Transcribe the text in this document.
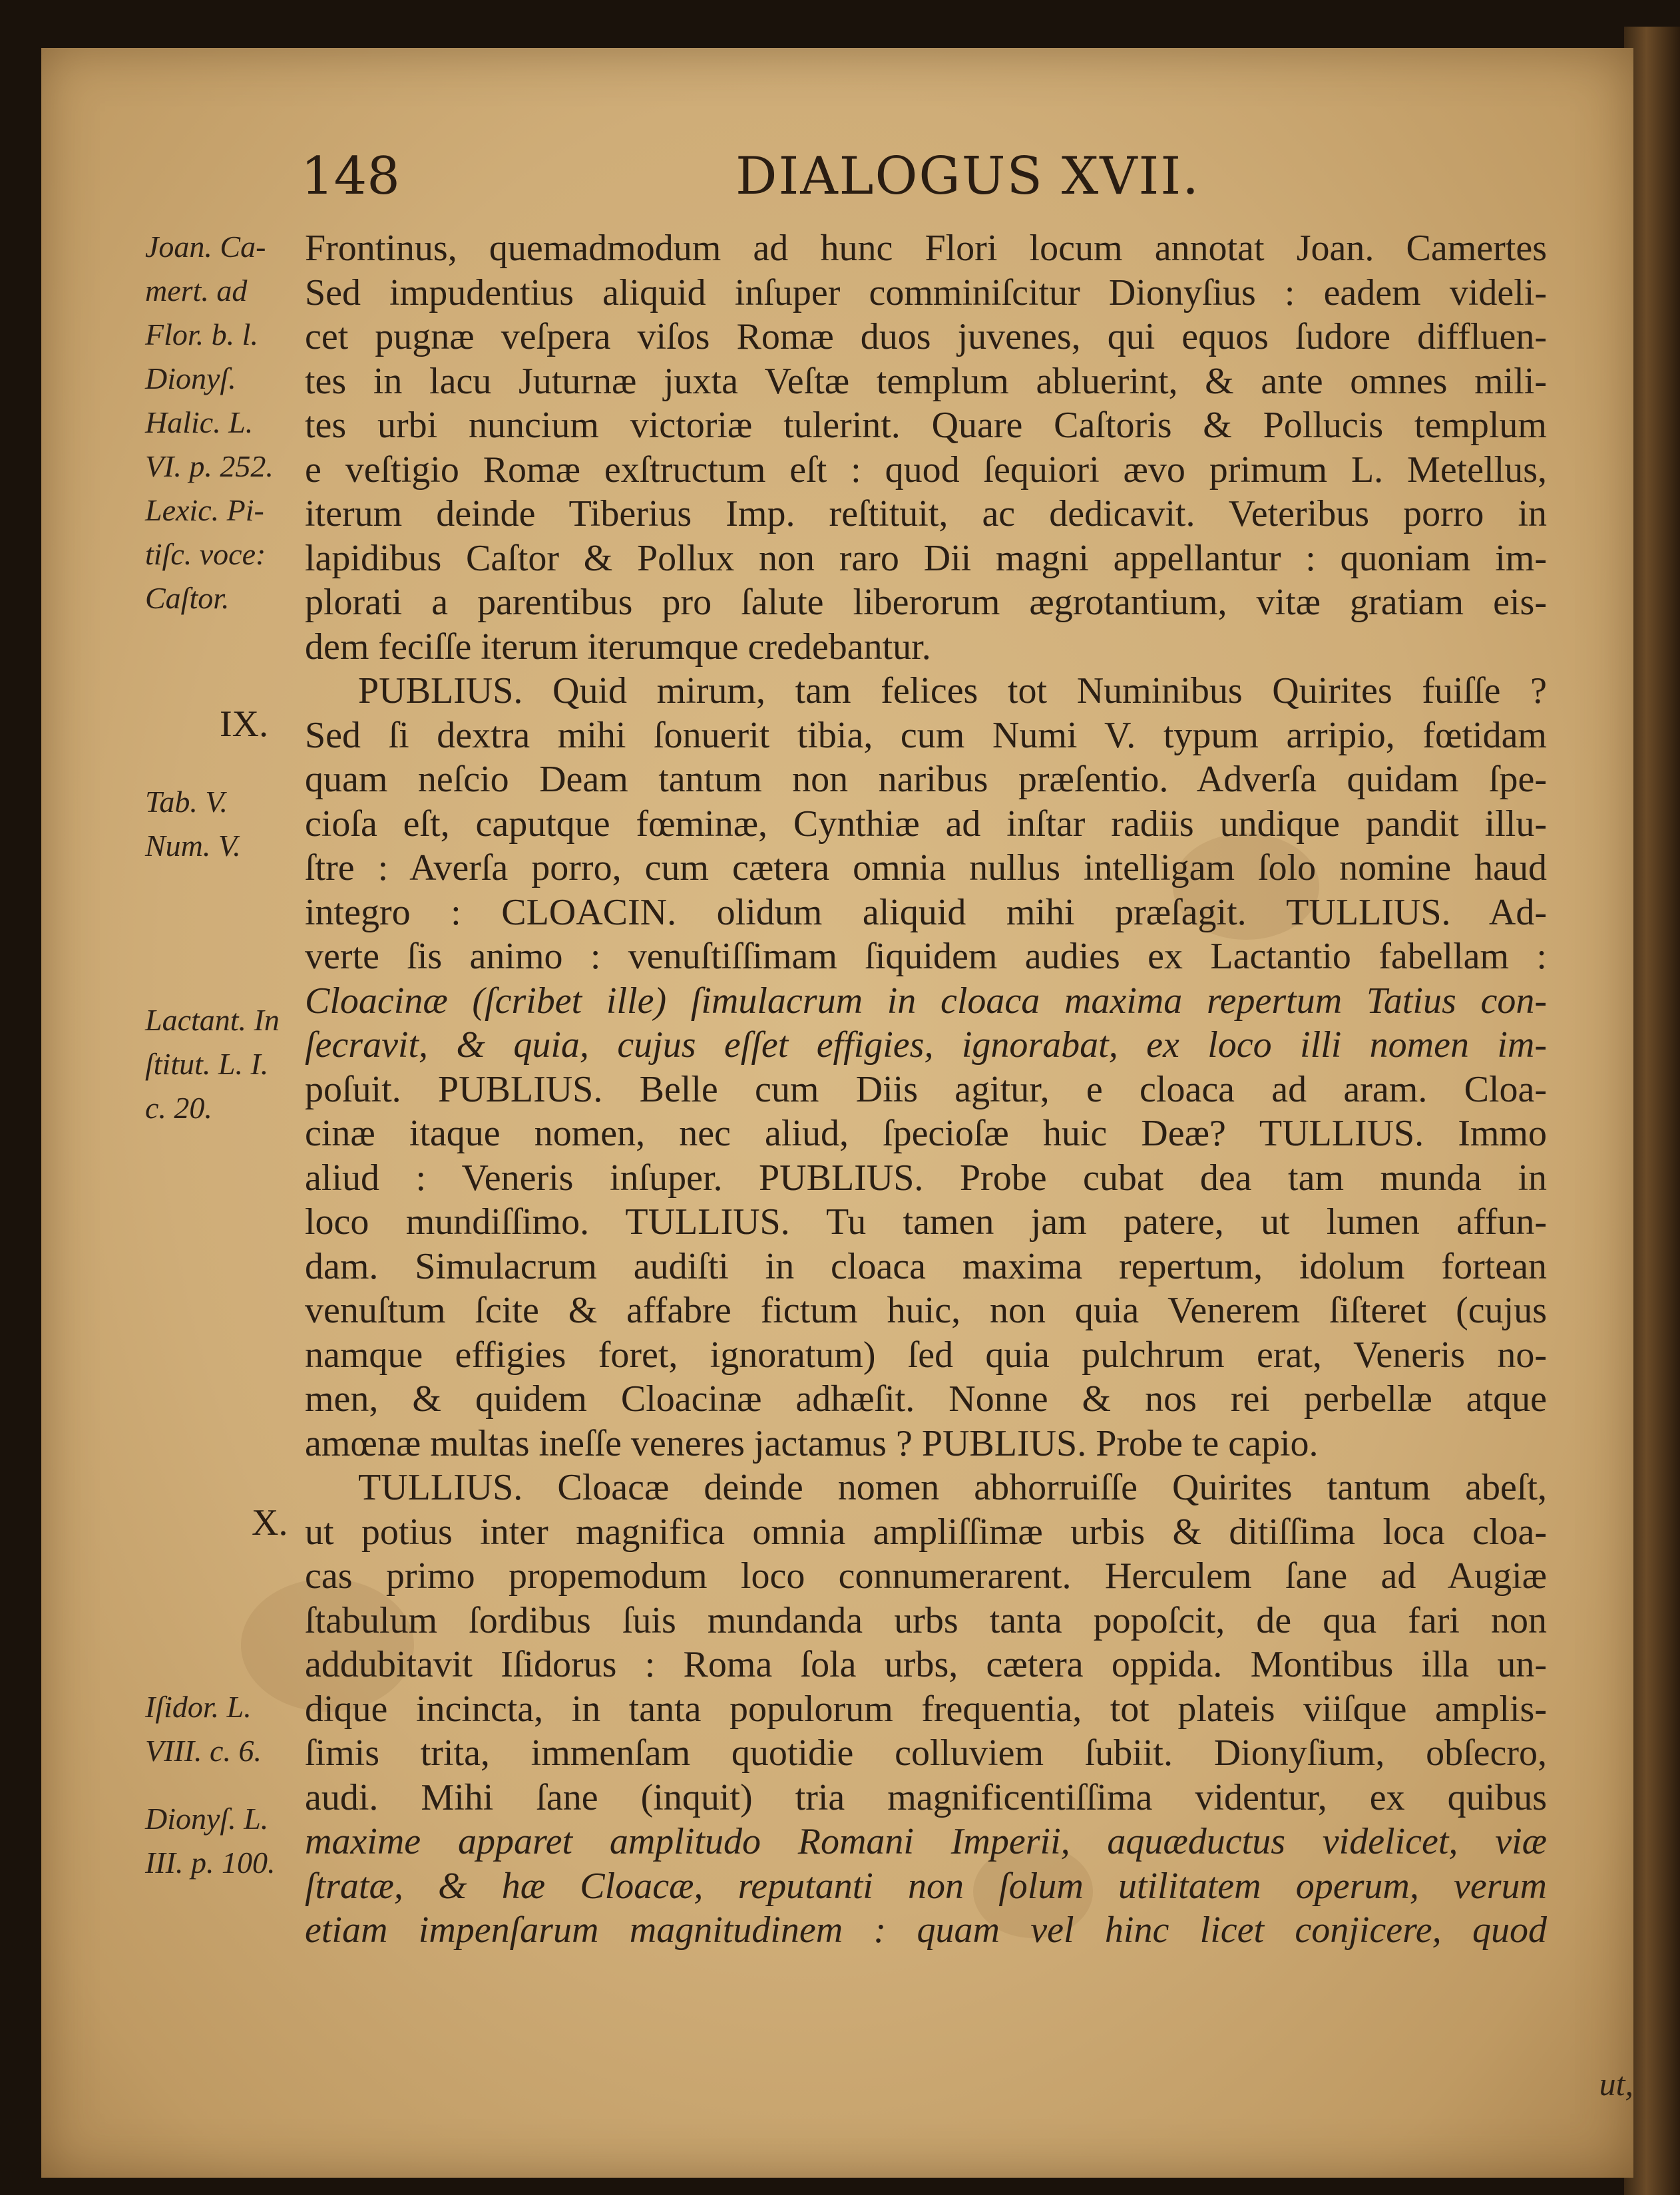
148	DIALOGUS XVII.
Joan. Ca-
mert. ad
Flor. b. l.
Dionyſ.
Halic. L.
VI. p. 252.
Lexic. Pi-
tiſc. voce:
Caſtor.
Tab. V.
Num. V.
Lactant. In
ſtitut. L. I.
c. 20.
Iſidor. L.
VIII. c. 6.
Dionyſ. L.
III. p. 100.
IX.
X.
Frontinus, quemadmodum ad hunc Flori locum annotat Joan. Camertes
Sed impudentius aliquid inſuper comminiſcitur Dionyſius : eadem videli-
cet pugnæ veſpera viſos Romæ duos juvenes, qui equos ſudore diffluen-
tes in lacu Juturnæ juxta Veſtæ templum abluerint, & ante omnes mili-
tes urbi nuncium victoriæ tulerint. Quare Caſtoris & Pollucis templum
e veſtigio Romæ exſtructum eſt : quod ſequiori ævo primum L. Metellus,
iterum deinde Tiberius Imp. reſtituit, ac dedicavit. Veteribus porro in
lapidibus Caſtor & Pollux non raro Dii magni appellantur : quoniam im-
plorati a parentibus pro ſalute liberorum ægrotantium, vitæ gratiam eis-
dem feciſſe iterum iterumque credebantur.
PUBLIUS. Quid mirum, tam felices tot Numinibus Quirites fuiſſe ?
Sed ſi dextra mihi ſonuerit tibia, cum Numi V. typum arripio, fœtidam
quam neſcio Deam tantum non naribus præſentio. Adverſa quidam ſpe-
cioſa eſt, caputque fœminæ, Cynthiæ ad inſtar radiis undique pandit illu-
ſtre : Averſa porro, cum cætera omnia nullus intelligam ſolo nomine haud
integro : CLOACIN. olidum aliquid mihi præſagit. TULLIUS. Ad-
verte ſis animo : venuſtiſſimam ſiquidem audies ex Lactantio fabellam :
Cloacinæ (ſcribet ille) ſimulacrum in cloaca maxima repertum Tatius con-
ſecravit, & quia, cujus eſſet effigies, ignorabat, ex loco illi nomen im-
poſuit. PUBLIUS. Belle cum Diis agitur, e cloaca ad aram. Cloa-
cinæ itaque nomen, nec aliud, ſpecioſæ huic Deæ? TULLIUS. Immo
aliud : Veneris inſuper. PUBLIUS. Probe cubat dea tam munda in
loco mundiſſimo. TULLIUS. Tu tamen jam patere, ut lumen affun-
dam. Simulacrum audiſti in cloaca maxima repertum, idolum fortean
venuſtum ſcite & affabre fictum huic, non quia Venerem ſiſteret (cujus
namque effigies foret, ignoratum) ſed quia pulchrum erat, Veneris no-
men, & quidem Cloacinæ adhæſit. Nonne & nos rei perbellæ atque
amœnæ multas ineſſe veneres jactamus ? PUBLIUS. Probe te capio.
TULLIUS. Cloacæ deinde nomen abhorruiſſe Quirites tantum abeſt,
ut potius inter magnifica omnia ampliſſimæ urbis & ditiſſima loca cloa-
cas primo propemodum loco connumerarent. Herculem ſane ad Augiæ
ſtabulum ſordibus ſuis mundanda urbs tanta popoſcit, de qua fari non
addubitavit Iſidorus : Roma ſola urbs, cætera oppida. Montibus illa un-
dique incincta, in tanta populorum frequentia, tot plateis viiſque amplis-
ſimis trita, immenſam quotidie colluviem ſubiit. Dionyſium, obſecro,
audi. Mihi ſane (inquit) tria magnificentiſſima videntur, ex quibus
maxime apparet amplitudo Romani Imperii, aquæductus videlicet, viæ
ſtratæ, & hæ Cloacæ, reputanti non ſolum utilitatem operum, verum
etiam impenſarum magnitudinem : quam vel hinc licet conjicere, quod
ut,
